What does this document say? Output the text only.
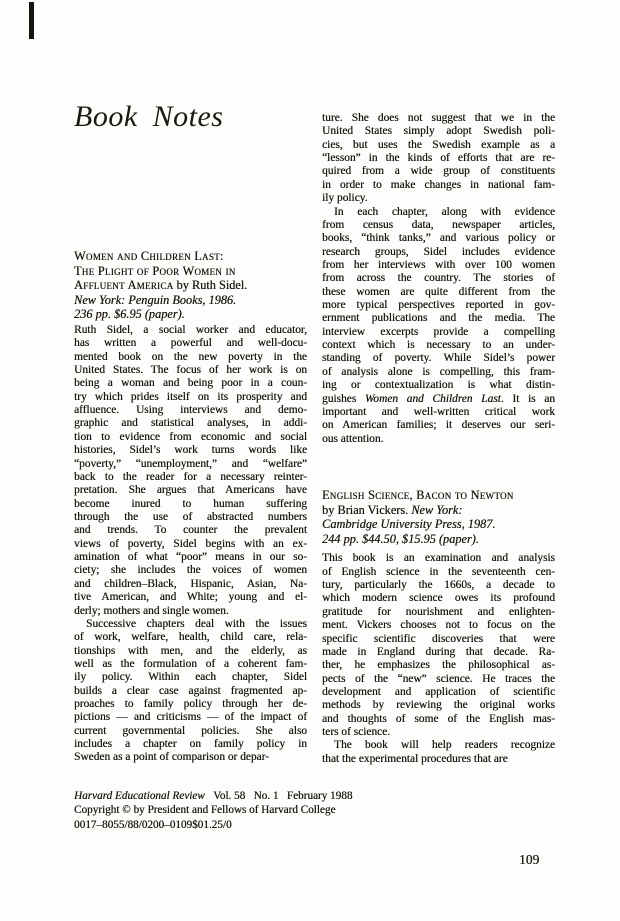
Book Notes
Women and Children Last:
The Plight of Poor Women in
Affluent America by Ruth Sidel.
New York: Penguin Books, 1986.
236 pp. $6.95 (paper).
Ruth Sidel, a social worker and educator,
has written a powerful and well-docu-
mented book on the new poverty in the
United States. The focus of her work is on
being a woman and being poor in a coun-
try which prides itself on its prosperity and
affluence. Using interviews and demo-
graphic and statistical analyses, in addi-
tion to evidence from economic and social
histories, Sidel’s work turns words like
“poverty,” “unemployment,” and “welfare”
back to the reader for a necessary reinter-
pretation. She argues that Americans have
become inured to human suffering
through the use of abstracted numbers
and trends. To counter the prevalent
views of poverty, Sidel begins with an ex-
amination of what “poor” means in our so-
ciety; she includes the voices of women
and children–Black, Hispanic, Asian, Na-
tive American, and White; young and el-
derly; mothers and single women.
Successive chapters deal with the issues
of work, welfare, health, child care, rela-
tionships with men, and the elderly, as
well as the formulation of a coherent fam-
ily policy. Within each chapter, Sidel
builds a clear case against fragmented ap-
proaches to family policy through her de-
pictions — and criticisms — of the impact of
current governmental policies. She also
includes a chapter on family policy in
Sweden as a point of comparison or depar-
ture. She does not suggest that we in the
United States simply adopt Swedish poli-
cies, but uses the Swedish example as a
“lesson” in the kinds of efforts that are re-
quired from a wide group of constituents
in order to make changes in national fam-
ily policy.
In each chapter, along with evidence
from census data, newspaper articles,
books, “think tanks,” and various policy or
research groups, Sidel includes evidence
from her interviews with over 100 women
from across the country. The stories of
these women are quite different from the
more typical perspectives reported in gov-
ernment publications and the media. The
interview excerpts provide a compelling
context which is necessary to an under-
standing of poverty. While Sidel’s power
of analysis alone is compelling, this fram-
ing or contextualization is what distin-
guishes Women and Children Last. It is an
important and well-written critical work
on American families; it deserves our seri-
ous attention.
English Science, Bacon to Newton
by Brian Vickers. New York:
Cambridge University Press, 1987.
244 pp. $44.50, $15.95 (paper).
This book is an examination and analysis
of English science in the seventeenth cen-
tury, particularly the 1660s, a decade to
which modern science owes its profound
gratitude for nourishment and enlighten-
ment. Vickers chooses not to focus on the
specific scientific discoveries that were
made in England during that decade. Ra-
ther, he emphasizes the philosophical as-
pects of the “new” science. He traces the
development and application of scientific
methods by reviewing the original works
and thoughts of some of the English mas-
ters of science.
The book will help readers recognize
that the experimental procedures that are
Harvard Educational Review   Vol. 58   No. 1   February 1988
Copyright © by President and Fellows of Harvard College
0017–8055/88/0200–0109$01.25/0
109
